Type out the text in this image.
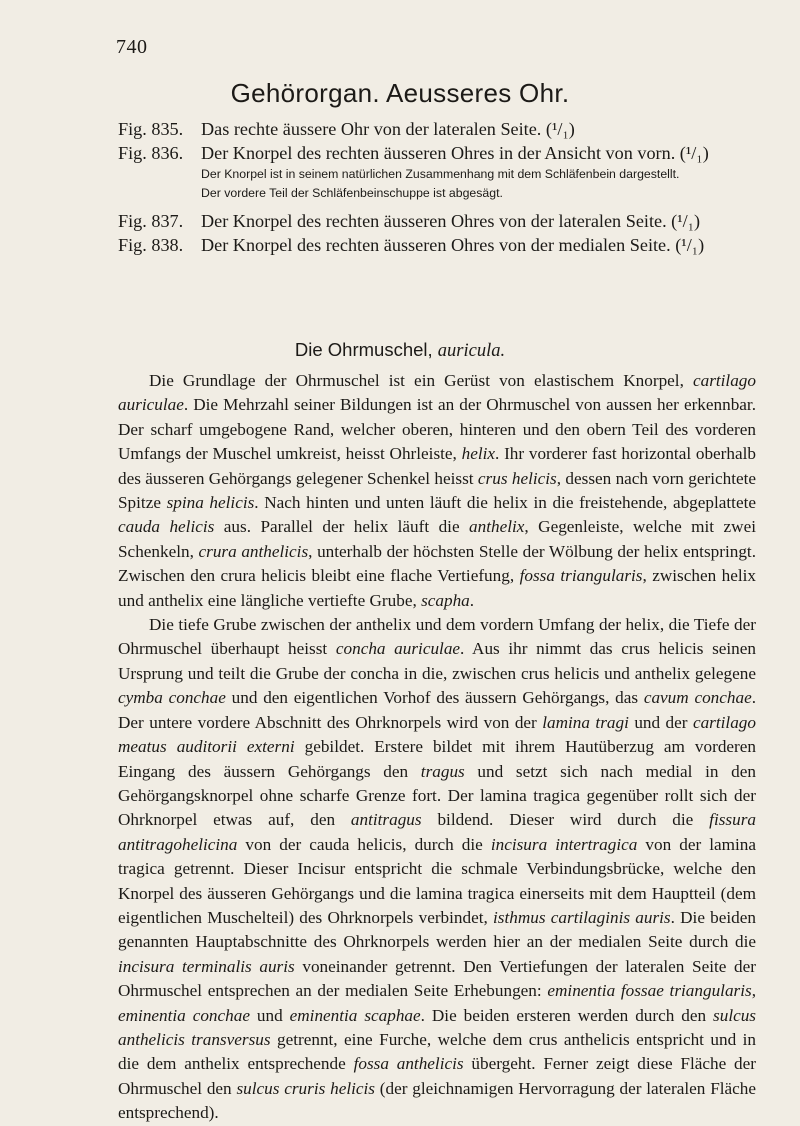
740
Gehörorgan. Aeusseres Ohr.
Fig. 835. Das rechte äussere Ohr von der lateralen Seite. (¹/₁)
Fig. 836. Der Knorpel des rechten äusseren Ohres in der Ansicht von vorn. (¹/₁)
Der Knorpel ist in seinem natürlichen Zusammenhang mit dem Schläfenbein dargestellt.
Der vordere Teil der Schläfenbeinschuppe ist abgesägt.
Fig. 837. Der Knorpel des rechten äusseren Ohres von der lateralen Seite. (¹/₁)
Fig. 838. Der Knorpel des rechten äusseren Ohres von der medialen Seite. (¹/₁)
Die Ohrmuschel, auricula.

Die Grundlage der Ohrmuschel ist ein Gerüst von elastischem Knorpel, cartilago auriculae. Die Mehrzahl seiner Bildungen ist an der Ohrmuschel von aussen her erkennbar. Der scharf umgebogene Rand, welcher oberen, hinteren und den obern Teil des vorderen Umfangs der Muschel umkreist, heisst Ohrleiste, helix. Ihr vorderer fast horizontal oberhalb des äusseren Gehörgangs gelegener Schenkel heisst crus helicis, dessen nach vorn gerichtete Spitze spina helicis. Nach hinten und unten läuft die helix in die freistehende, abgeplattete cauda helicis aus. Parallel der helix läuft die anthelix, Gegenleiste, welche mit zwei Schenkeln, crura anthelicis, unterhalb der höchsten Stelle der Wölbung der helix entspringt. Zwischen den crura helicis bleibt eine flache Vertiefung, fossa triangularis, zwischen helix und anthelix eine längliche vertiefte Grube, scapha.

Die tiefe Grube zwischen der anthelix und dem vordern Umfang der helix, die Tiefe der Ohrmuschel überhaupt heisst concha auriculae. Aus ihr nimmt das crus helicis seinen Ursprung und teilt die Grube der concha in die, zwischen crus helicis und anthelix gelegene cymba conchae und den eigentlichen Vorhof des äussern Gehörgangs, das cavum conchae. Der untere vordere Abschnitt des Ohrknorpels wird von der lamina tragi und der cartilago meatus auditorii externi gebildet. Erstere bildet mit ihrem Hautüberzug am vorderen Eingang des äussern Gehörgangs den tragus und setzt sich nach medial in den Gehörgangsknorpel ohne scharfe Grenze fort. Der lamina tragica gegenüber rollt sich der Ohrknorpel etwas auf, den antitragus bildend. Dieser wird durch die fissura antitragohelicina von der cauda helicis, durch die incisura intertragica von der lamina tragica getrennt. Dieser Incisur entspricht die schmale Verbindungsbrücke, welche den Knorpel des äusseren Gehörgangs und die lamina tragica einerseits mit dem Hauptteil (dem eigentlichen Muschelteil) des Ohrknorpels verbindet, isthmus cartilaginis auris. Die beiden genannten Hauptabschnitte des Ohrknorpels werden hier an der medialen Seite durch die incisura terminalis auris voneinander getrennt. Den Vertiefungen der lateralen Seite der Ohrmuschel entsprechen an der medialen Seite Erhebungen: eminentia fossae triangularis, eminentia conchae und eminentia scaphae. Die beiden ersteren werden durch den sulcus anthelicis transversus getrennt, eine Furche, welche dem crus anthelicis entspricht und in die dem anthelix entsprechende fossa anthelicis übergeht. Ferner zeigt diese Fläche der Ohrmuschel den sulcus cruris helicis (der gleichnamigen Hervorragung der lateralen Fläche entsprechend).
